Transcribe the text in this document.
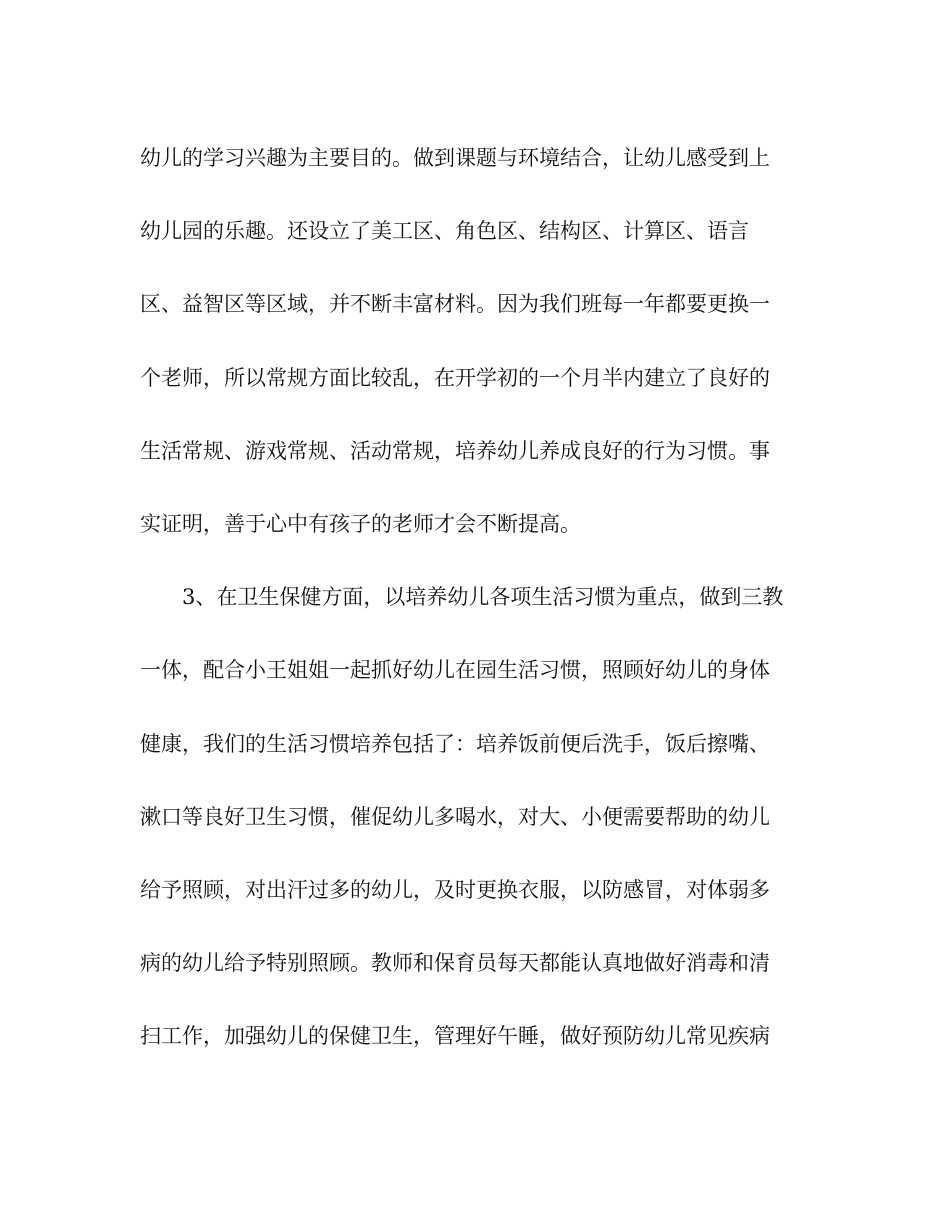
幼儿的学习兴趣为主要目的。做到课题与环境结合，让幼儿感受到上
幼儿园的乐趣。还设立了美工区、角色区、结构区、计算区、语言
区、益智区等区域，并不断丰富材料。因为我们班每一年都要更换一
个老师，所以常规方面比较乱，在开学初的一个月半内建立了良好的
生活常规、游戏常规、活动常规，培养幼儿养成良好的行为习惯。事
实证明，善于心中有孩子的老师才会不断提高。
　　3、在卫生保健方面，以培养幼儿各项生活习惯为重点，做到三教
一体，配合小王姐姐一起抓好幼儿在园生活习惯，照顾好幼儿的身体
健康，我们的生活习惯培养包括了：培养饭前便后洗手，饭后擦嘴、
漱口等良好卫生习惯，催促幼儿多喝水，对大、小便需要帮助的幼儿
给予照顾，对出汗过多的幼儿，及时更换衣服，以防感冒，对体弱多
病的幼儿给予特别照顾。教师和保育员每天都能认真地做好消毒和清
扫工作，加强幼儿的保健卫生，管理好午睡，做好预防幼儿常见疾病
